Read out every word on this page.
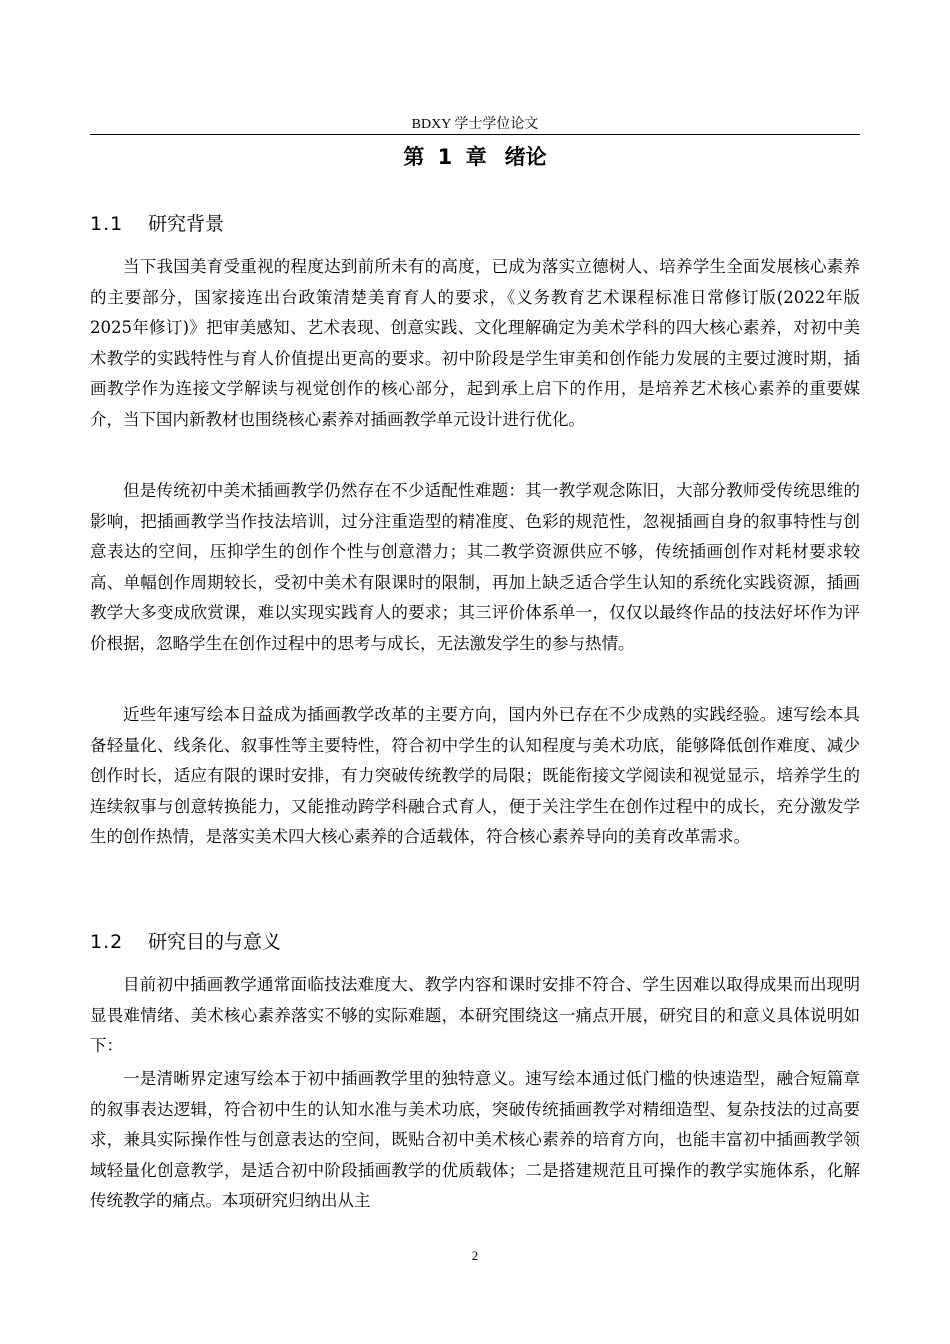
BDXY 学士学位论文
第 1 章 绪论
1.1 研究背景

当下我国美育受重视的程度达到前所未有的高度，已成为落实立德树人、培养学生全面发展核心素养的主要部分，国家接连出台政策清楚美育育人的要求，《义务教育艺术课程标准日常修订版(2022年版 2025年修订)》把审美感知、艺术表现、创意实践、文化理解确定为美术学科的四大核心素养，对初中美术教学的实践特性与育人价值提出更高的要求。初中阶段是学生审美和创作能力发展的主要过渡时期，插画教学作为连接文学解读与视觉创作的核心部分，起到承上启下的作用，是培养艺术核心素养的重要媒介，当下国内新教材也围绕核心素养对插画教学单元设计进行优化。

但是传统初中美术插画教学仍然存在不少适配性难题：其一教学观念陈旧，大部分教师受传统思维的影响，把插画教学当作技法培训，过分注重造型的精准度、色彩的规范性，忽视插画自身的叙事特性与创意表达的空间，压抑学生的创作个性与创意潜力；其二教学资源供应不够，传统插画创作对耗材要求较高、单幅创作周期较长，受初中美术有限课时的限制，再加上缺乏适合学生认知的系统化实践资源，插画教学大多变成欣赏课，难以实现实践育人的要求；其三评价体系单一，仅仅以最终作品的技法好坏作为评价根据，忽略学生在创作过程中的思考与成长，无法激发学生的参与热情。

近些年速写绘本日益成为插画教学改革的主要方向，国内外已存在不少成熟的实践经验。速写绘本具备轻量化、线条化、叙事性等主要特性，符合初中学生的认知程度与美术功底，能够降低创作难度、减少创作时长，适应有限的课时安排，有力突破传统教学的局限；既能衔接文学阅读和视觉显示，培养学生的连续叙事与创意转换能力，又能推动跨学科融合式育人，便于关注学生在创作过程中的成长，充分激发学生的创作热情，是落实美术四大核心素养的合适载体，符合核心素养导向的美育改革需求。

1.2 研究目的与意义

目前初中插画教学通常面临技法难度大、教学内容和课时安排不符合、学生因难以取得成果而出现明显畏难情绪、美术核心素养落实不够的实际难题，本研究围绕这一痛点开展，研究目的和意义具体说明如下：

一是清晰界定速写绘本于初中插画教学里的独特意义。速写绘本通过低门槛的快速造型，融合短篇章的叙事表达逻辑，符合初中生的认知水准与美术功底，突破传统插画教学对精细造型、复杂技法的过高要求，兼具实际操作性与创意表达的空间，既贴合初中美术核心素养的培育方向，也能丰富初中插画教学领域轻量化创意教学，是适合初中阶段插画教学的优质载体；二是搭建规范且可操作的教学实施体系，化解传统教学的痛点。本项研究归纳出从主

2
